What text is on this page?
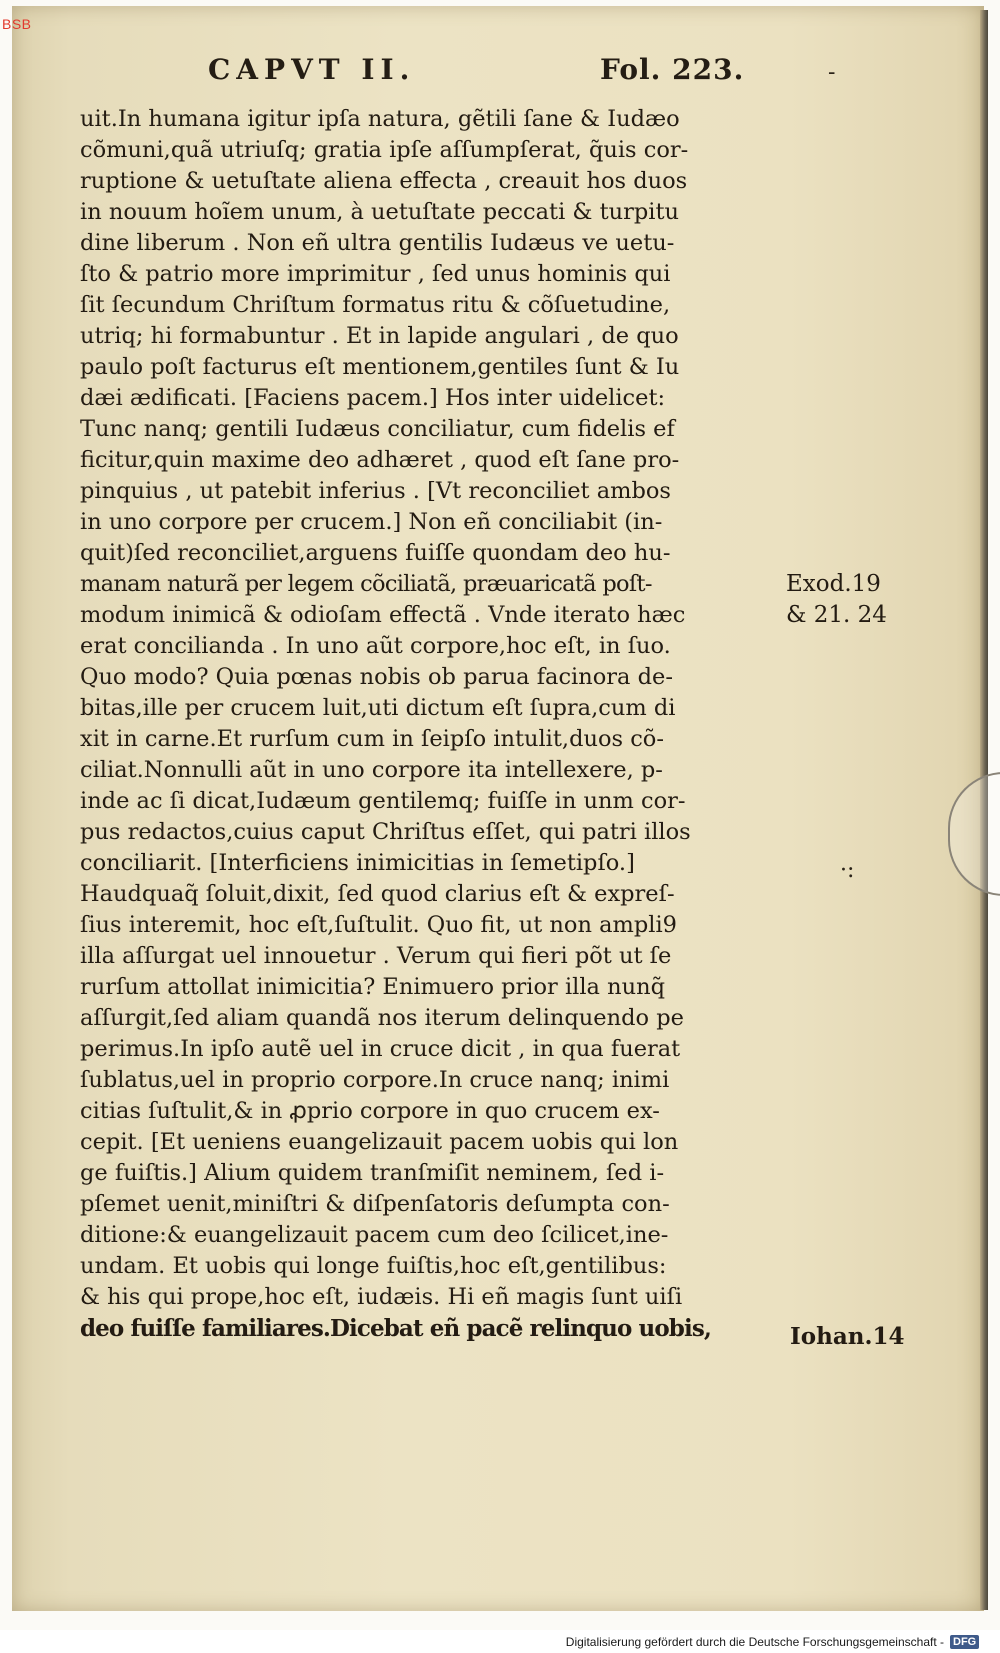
BSB
CAPVT II.	Fol. 223.	-
uit.In humana igitur ipſa natura, gẽtili ſane & Iudæo
cõmuni,quã utriuſq; gratia ipſe aſſumpſerat, q̃uis cor-
ruptione & uetuſtate aliena effecta , creauit hos duos
in nouum hoĩem unum, à uetuſtate peccati & turpitu
dine liberum . Non eñ ultra gentilis Iudæus ve uetu-
ſto & patrio more imprimitur , ſed unus hominis qui
ſit ſecundum Chriſtum formatus ritu & cõſuetudine,
utriq; hi formabuntur . Et in lapide angulari , de quo
paulo poſt facturus eſt mentionem,gentiles ſunt & Iu
dæi ædificati. [Faciens pacem.] Hos inter uidelicet:
Tunc nanq; gentili Iudæus conciliatur, cum fidelis ef
ficitur,quin maxime deo adhæret , quod eſt ſane pro-
pinquius , ut patebit inferius . [Vt reconciliet ambos
in uno corpore per crucem.] Non eñ conciliabit (in-
quit)ſed reconciliet,arguens fuiſſe quondam deo hu-
manam naturã per legem cõciliatã, præuaricatã poſt-
modum inimicã & odioſam effectã . Vnde iterato hæc
erat concilianda . In uno aũt corpore,hoc eſt, in ſuo.
Quo modo? Quia pœnas nobis ob parua facinora de-
bitas,ille per crucem luit,uti dictum eſt ſupra,cum di
xit in carne.Et rurſum cum in ſeipſo intulit,duos cõ-
ciliat.Nonnulli aũt in uno corpore ita intellexere, p-
inde ac ſi dicat,Iudæum gentilemq; fuiſſe in unm cor-
pus redactos,cuius caput Chriſtus eſſet, qui patri illos
conciliarit. [Interficiens inimicitias in ſemetipſo.]
Haudquaq̃ ſoluit,dixit, ſed quod clarius eſt & expreſ-
ſius interemit, hoc eſt,ſuſtulit. Quo fit, ut non ampli9
illa aſſurgat uel innouetur . Verum qui fieri põt ut ſe
rurſum attollat inimicitia? Enimuero prior illa nunq̃
aſſurgit,ſed aliam quandã nos iterum delinquendo pe
perimus.In ipſo autẽ uel in cruce dicit , in qua fuerat
ſublatus,uel in proprio corpore.In cruce nanq; inimi
citias ſuſtulit,& in ꝓprio corpore in quo crucem ex-
cepit. [Et ueniens euangelizauit pacem uobis qui lon
ge fuiſtis.] Alium quidem tranſmiſit neminem, ſed i-
pſemet uenit,miniſtri & diſpenſatoris deſumpta con-
ditione:& euangelizauit pacem cum deo ſcilicet,ine-
undam. Et uobis qui longe fuiſtis,hoc eſt,gentilibus:
& his qui prope,hoc eſt, iudæis. Hi eñ magis ſunt uiſi
deo fuiſſe familiares.Dicebat eñ pacẽ relinquo uobis,
Exod.19
& 21. 24
·:
Iohan.14
Digitalisierung gefördert durch die Deutsche Forschungsgemeinschaft - DFG
